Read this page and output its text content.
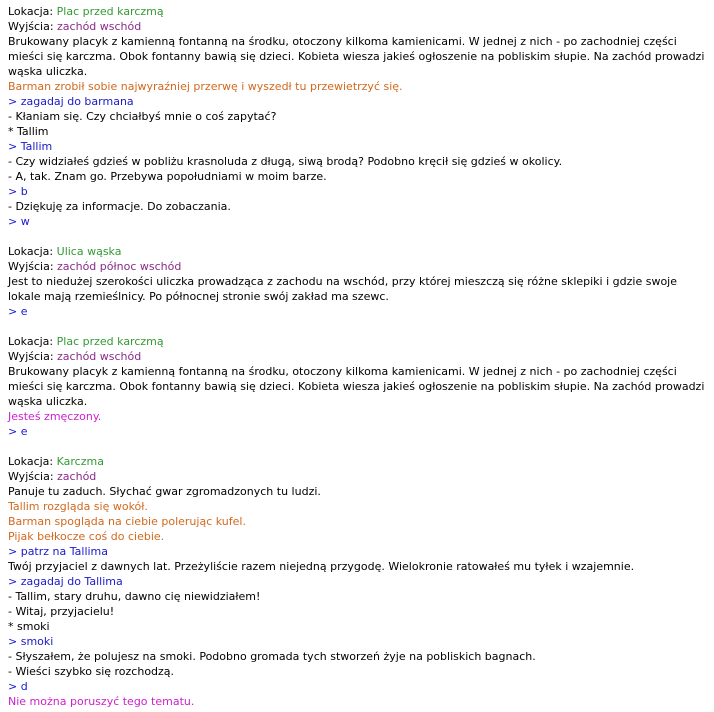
Lokacja: Plac przed karczmą
Wyjścia: zachód wschód
Brukowany placyk z kamienną fontanną na środku, otoczony kilkoma kamienicami. W jednej z nich - po zachodniej części mieści się karczma. Obok fontanny bawią się dzieci. Kobieta wiesza jakieś ogłoszenie na pobliskim słupie. Na zachód prowadzi wąska uliczka.
Barman zrobił sobie najwyraźniej przerwę i wyszedł tu przewietrzyć się.
> zagadaj do barmana
- Kłaniam się. Czy chciałbyś mnie o coś zapytać?
* Tallim
> Tallim
- Czy widziałeś gdzieś w pobliżu krasnoluda z długą, siwą brodą? Podobno kręcił się gdzieś w okolicy.
- A, tak. Znam go. Przebywa popołudniami w moim barze.
> b
- Dziękuję za informacje. Do zobaczania.
> w
Lokacja: Ulica wąska
Wyjścia: zachód północ wschód
Jest to niedużej szerokości uliczka prowadząca z zachodu na wschód, przy której mieszczą się różne sklepiki i gdzie swoje lokale mają rzemieślnicy. Po północnej stronie swój zakład ma szewc.
> e
Lokacja: Plac przed karczmą
Wyjścia: zachód wschód
Brukowany placyk z kamienną fontanną na środku, otoczony kilkoma kamienicami. W jednej z nich - po zachodniej części mieści się karczma. Obok fontanny bawią się dzieci. Kobieta wiesza jakieś ogłoszenie na pobliskim słupie. Na zachód prowadzi wąska uliczka.
Jesteś zmęczony.
> e
Lokacja: Karczma
Wyjścia: zachód
Panuje tu zaduch. Słychać gwar zgromadzonych tu ludzi.
Tallim rozgląda się wokół.
Barman spogląda na ciebie polerując kufel.
Pijak bełkocze coś do ciebie.
> patrz na Tallima
Twój przyjaciel z dawnych lat. Przeżyliście razem niejedną przygodę. Wielokronie ratowałeś mu tyłek i wzajemnie.
> zagadaj do Tallima
- Tallim, stary druhu, dawno cię niewidziałem!
- Witaj, przyjacielu!
* smoki
> smoki
- Słyszałem, że polujesz na smoki. Podobno gromada tych stworzeń żyje na pobliskich bagnach.
- Wieści szybko się rozchodzą.
> d
Nie można poruszyć tego tematu.
